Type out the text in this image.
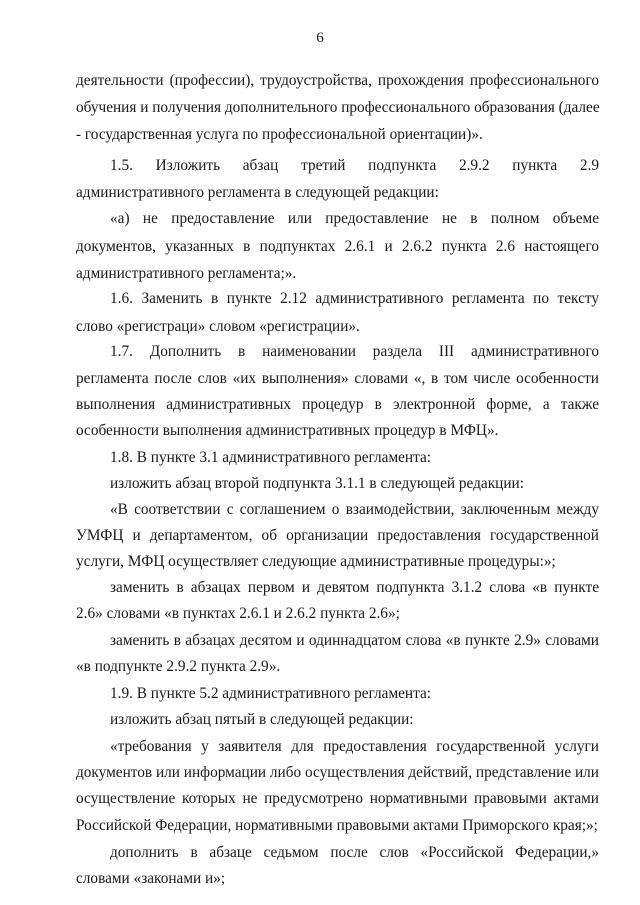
6
деятельности (профессии), трудоустройства, прохождения профессионального
обучения и получения дополнительного профессионального образования (далее
- государственная услуга по профессиональной ориентации)».
1.5. Изложить абзац третий подпункта 2.9.2 пункта 2.9
административного регламента в следующей редакции:
«а) не предоставление или предоставление не в полном объеме
документов, указанных в подпунктах 2.6.1 и 2.6.2 пункта 2.6 настоящего
административного регламента;».
1.6. Заменить в пункте 2.12 административного регламента по тексту
слово «регистраци» словом «регистрации».
1.7. Дополнить в наименовании раздела III административного
регламента после слов «их выполнения» словами «, в том числе особенности
выполнения административных процедур в электронной форме, а также
особенности выполнения административных процедур в МФЦ».
1.8. В пункте 3.1 административного регламента:
изложить абзац второй подпункта 3.1.1 в следующей редакции:
«В соответствии с соглашением о взаимодействии, заключенным между
УМФЦ и департаментом, об организации предоставления государственной
услуги, МФЦ осуществляет следующие административные процедуры:»;
заменить в абзацах первом и девятом подпункта 3.1.2 слова «в пункте
2.6» словами «в пунктах 2.6.1 и 2.6.2 пункта 2.6»;
заменить в абзацах десятом и одиннадцатом слова «в пункте 2.9» словами
«в подпункте 2.9.2 пункта 2.9».
1.9. В пункте 5.2 административного регламента:
изложить абзац пятый в следующей редакции:
«требования у заявителя для предоставления государственной услуги
документов или информации либо осуществления действий, представление или
осуществление которых не предусмотрено нормативными правовыми актами
Российской Федерации, нормативными правовыми актами Приморского края;»;
дополнить в абзаце седьмом после слов «Российской Федерации,»
словами «законами и»;
